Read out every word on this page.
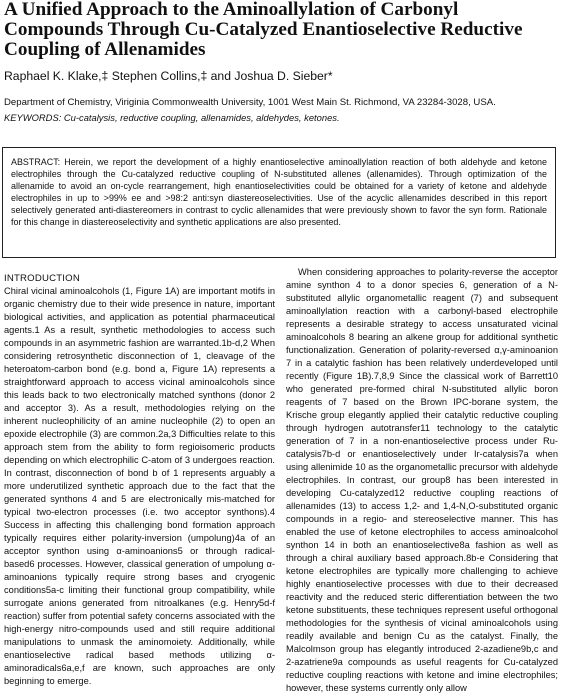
A Unified Approach to the Aminoallylation of Carbonyl Compounds Through Cu-Catalyzed Enantioselective Reductive Coupling of Allenamides

Raphael K. Klake,‡ Stephen Collins,‡ and Joshua D. Sieber*

Department of Chemistry, Viriginia Commonwealth University, 1001 West Main St. Richmond, VA 23284-3028, USA.

KEYWORDS: Cu-catalysis, reductive coupling, allenamides, aldehydes, ketones.

ABSTRACT: Herein, we report the development of a highly enantioselective aminoallylation reaction of both aldehyde and ketone electrophiles through the Cu-catalyzed reductive coupling of N-substituted allenes (allenamides). Through optimization of the allenamide to avoid an on-cycle rearrangement, high enantioselectivities could be obtained for a variety of ketone and aldehyde electrophiles in up to >99% ee and >98:2 anti:syn diastereoselectivities. Use of the acyclic allenamides described in this report selectively generated anti-diastereomers in contrast to cyclic allenamides that were previously shown to favor the syn form. Rationale for this change in diastereoselectivity and synthetic applications are also presented.

INTRODUCTION

Chiral vicinal aminoalcohols (1, Figure 1A) are important motifs in organic chemistry due to their wide presence in nature, important biological activities, and application as potential pharmaceutical agents.1 As a result, synthetic methodologies to access such compounds in an asymmetric fashion are warranted.1b-d,2 When considering retrosynthetic disconnection of 1, cleavage of the heteroatom-carbon bond (e.g. bond a, Figure 1A) represents a straightforward approach to access vicinal aminoalcohols since this leads back to two electronically matched synthons (donor 2 and acceptor 3). As a result, methodologies relying on the inherent nucleophilicity of an amine nucleophile (2) to open an epoxide electrophile (3) are common.2a,3 Difficulties relate to this approach stem from the ability to form regioisomeric products depending on which electrophilic C-atom of 3 undergoes reaction. In contrast, disconnection of bond b of 1 represents arguably a more underutilized synthetic approach due to the fact that the generated synthons 4 and 5 are electronically mis-matched for typical two-electron processes (i.e. two acceptor synthons).4 Success in affecting this challenging bond formation approach typically requires either polarity-inversion (umpolung)4a of an acceptor synthon using α-aminoanions5 or through radical-based6 processes. However, classical generation of umpolung α-aminoanions typically require strong bases and cryogenic conditions5a-c limiting their functional group compatibility, while surrogate anions generated from nitroalkanes (e.g. Henry5d-f reaction) suffer from potential safety concerns associated with the high-energy nitro-compounds used and still require additional manipulations to unmask the aminomoiety. Additionally, while enantioselective radical based methods utilizing α-aminoradicals6a,e,f are known, such approaches are only beginning to emerge.

When considering approaches to polarity-reverse the acceptor amine synthon 4 to a donor species 6, generation of a N-substituted allylic organometallic reagent (7) and subsequent aminoallylation reaction with a carbonyl-based electrophile represents a desirable strategy to access unsaturated vicinal aminoalcohols 8 bearing an alkene group for additional synthetic functionalization. Generation of polarity-reversed α,γ-aminoanion 7 in a catalytic fashion has been relatively underdeveloped until recently (Figure 1B).7,8,9 Since the classical work of Barrett10 who generated pre-formed chiral N-substituted allylic boron reagents of 7 based on the Brown IPC-borane system, the Krische group elegantly applied their catalytic reductive coupling through hydrogen autotransfer11 technology to the catalytic generation of 7 in a non-enantioselective process under Ru-catalysis7b-d or enantioselectively under Ir-catalysis7a when using allenimide 10 as the organometallic precursor with aldehyde electrophiles. In contrast, our group8 has been interested in developing Cu-catalyzed12 reductive coupling reactions of allenamides (13) to access 1,2- and 1,4-N,O-substituted organic compounds in a regio- and stereoselective manner. This has enabled the use of ketone electrophiles to access aminoalcohol synthon 14 in both an enantioselective8a fashion as well as through a chiral auxiliary based approach.8b-e Considering that ketone electrophiles are typically more challenging to achieve highly enantioselective processes with due to their decreased reactivity and the reduced steric differentiation between the two ketone substituents, these techniques represent useful orthogonal methodologies for the synthesis of vicinal aminoalcohols using readily available and benign Cu as the catalyst. Finally, the Malcolmson group has elegantly introduced 2-azadiene9b,c and 2-azatriene9a compounds as useful reagents for Cu-catalyzed reductive coupling reactions with ketone and imine electrophiles; however, these systems currently only allow
